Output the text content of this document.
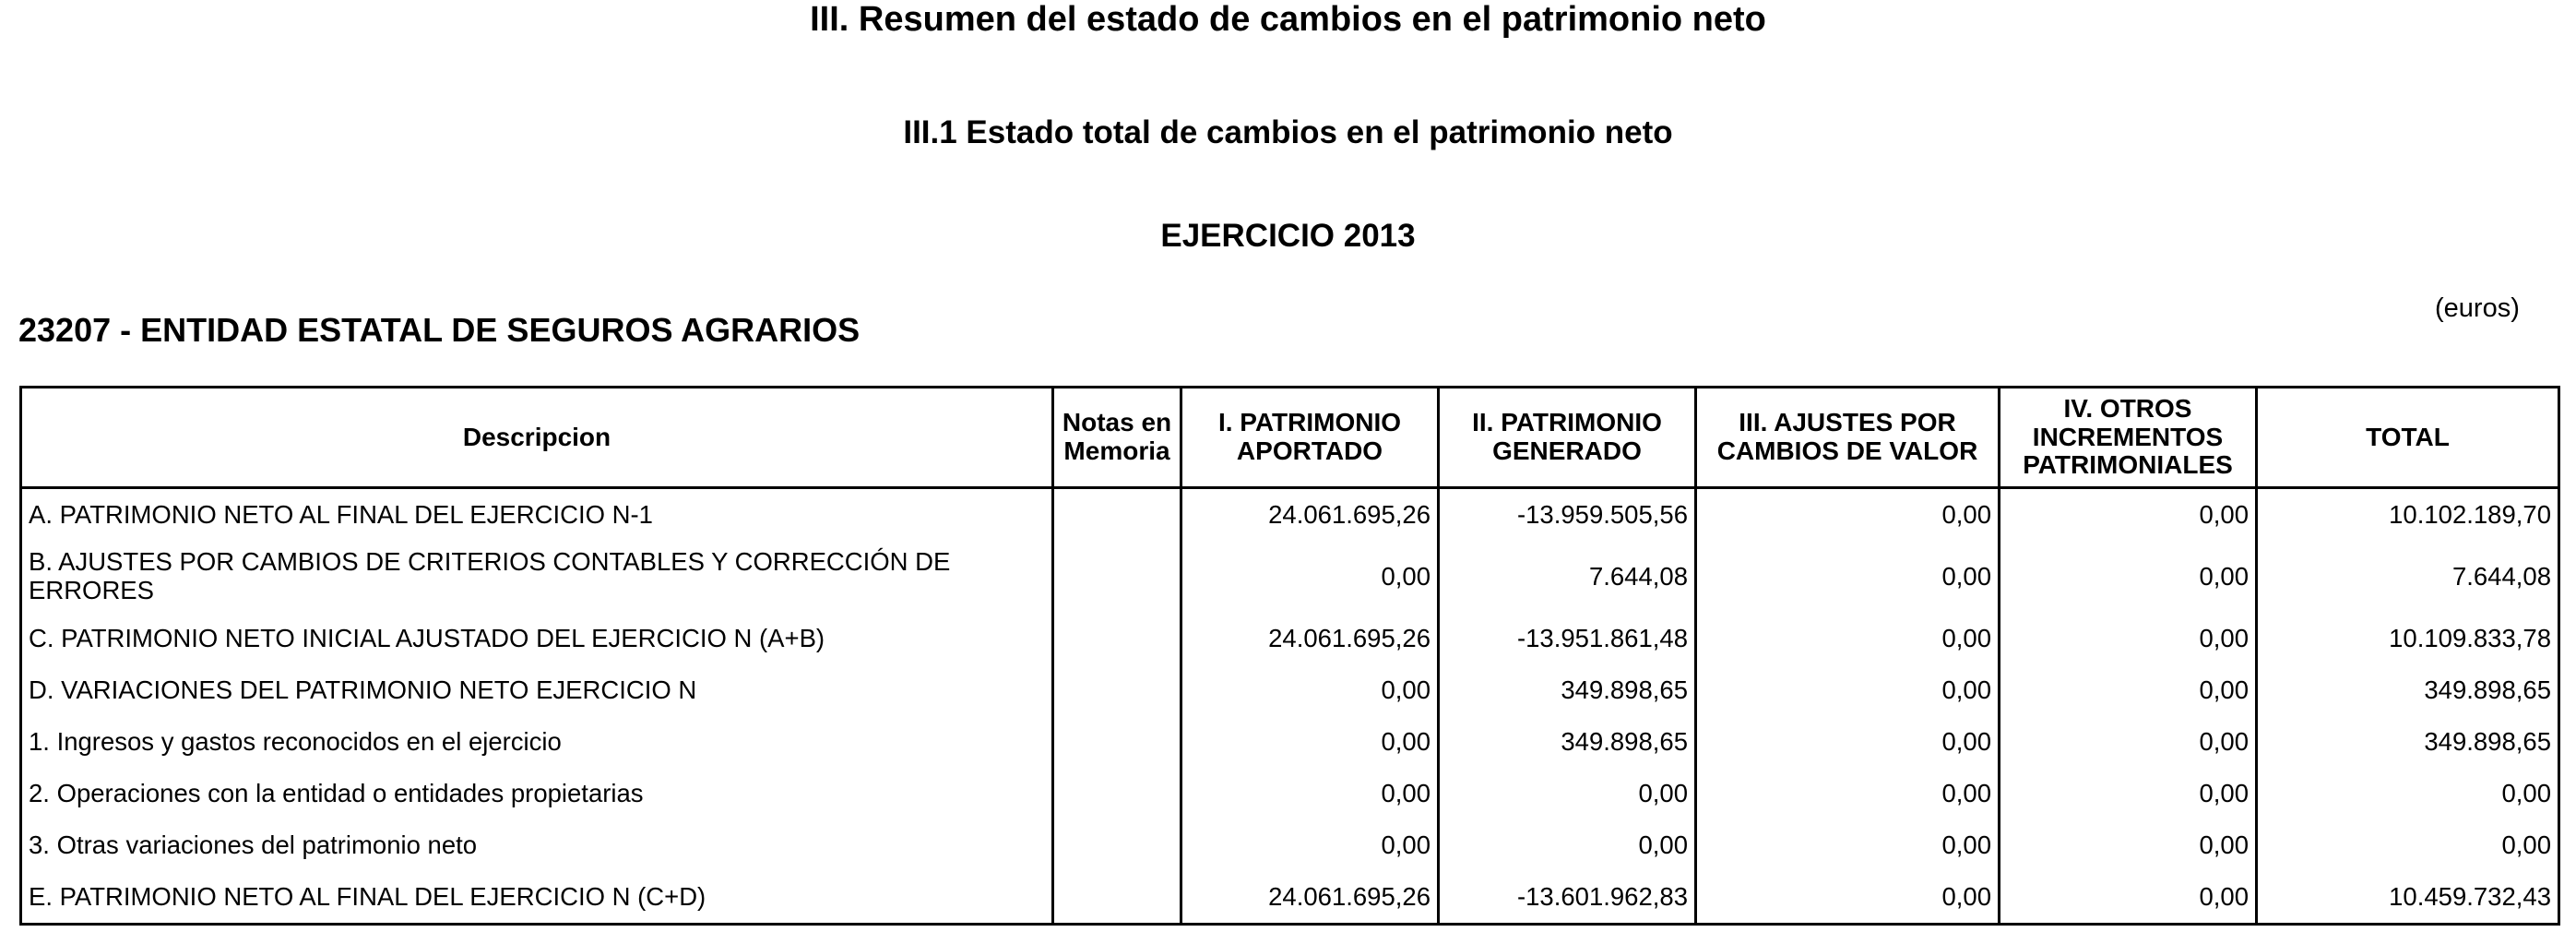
III. Resumen del estado de cambios en el patrimonio neto
III.1 Estado total de cambios en el patrimonio neto
EJERCICIO 2013
(euros)
23207 - ENTIDAD ESTATAL DE SEGUROS AGRARIOS
Descripcion	Notas en Memoria	I. PATRIMONIO APORTADO	II. PATRIMONIO GENERADO	III. AJUSTES POR CAMBIOS DE VALOR	IV. OTROS INCREMENTOS PATRIMONIALES	TOTAL
A. PATRIMONIO NETO AL FINAL DEL EJERCICIO N-1		24.061.695,26	-13.959.505,56	0,00	0,00	10.102.189,70
B. AJUSTES POR CAMBIOS DE CRITERIOS CONTABLES Y CORRECCIÓN DE ERRORES		0,00	7.644,08	0,00	0,00	7.644,08
C. PATRIMONIO NETO INICIAL AJUSTADO DEL EJERCICIO N (A+B)		24.061.695,26	-13.951.861,48	0,00	0,00	10.109.833,78
D. VARIACIONES DEL PATRIMONIO NETO EJERCICIO N		0,00	349.898,65	0,00	0,00	349.898,65
1. Ingresos y gastos reconocidos en el ejercicio		0,00	349.898,65	0,00	0,00	349.898,65
2. Operaciones con la entidad o entidades propietarias		0,00	0,00	0,00	0,00	0,00
3. Otras variaciones del patrimonio neto		0,00	0,00	0,00	0,00	0,00
E. PATRIMONIO NETO AL FINAL DEL EJERCICIO N (C+D)		24.061.695,26	-13.601.962,83	0,00	0,00	10.459.732,43
